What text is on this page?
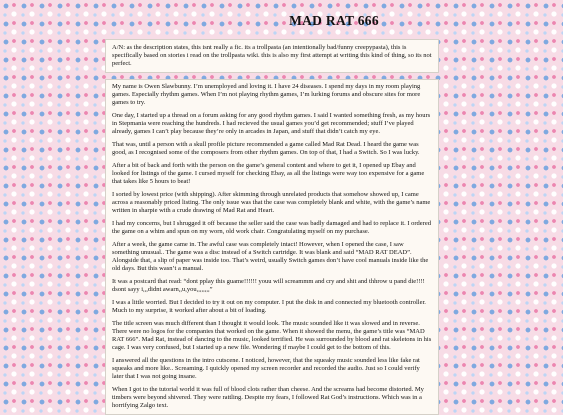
MAD RAT 666

A/N: as the description states, this isnt really a fic. its a trollpasta (an intentionally bad/funny creepypasta), this is specifically based on stories i read on the trollpasta wiki. this is also my first attempt at writing this kind of thing, so its not perfect.

My name is Owen Slawbunny. I’m unemployed and loving it. I have 24 diseases. I spend my days in my room playing games. Especially rhythm games. When I’m not playing rhythm games, I’m lurking forums and obscure sites for more games to try.

One day, I started up a thread on a forum asking for any good rhythm games. I said I wanted something fresh, as my hours in Stepmania were reaching the hundreds. I had recieved the usual games you’d get recommended; stuff I’ve played already, games I can’t play because they’re only in arcades in Japan, and stuff that didn’t catch my eye.

That was, until a person with a skull profile picture recommended a game called Mad Rat Dead. I heard the game was good, as I recognised some of the composers from other rhythm games. On top of that, I had a Switch. So I was lucky.

After a bit of back and forth with the person on the game’s general content and where to get it, I opened up Ebay and looked for listings of the game. I cursed myself for checking Ebay, as all the listings were way too expensive for a game that takes like 5 hours to beat!

I sorted by lowest price (with shipping). After skimming through unrelated products that somehow showed up, I came across a reasonably priced listing. The only issue was that the case was completely blank and white, with the game’s name written in sharpie with a crude drawing of Mad Rat and Heart.

I had my concerns, but I shrugged it off because the seller said the case was badly damaged and had to replace it. I ordered the game on a whim and spun on my worn, old work chair. Congratulating myself on my purchase.

After a week, the game came in. The awful case was completely intact! However, when I opened the case, I saw something unusual.. The game was a disc instead of a Switch cartridge. It was blank and said “MAD RAT DEAD”. Alongside that, a slip of paper was inside too. That’s weird, usually Switch games don’t have cool manuals inside like the old days. But this wasn’t a manual.

It was a postcard that read: “dont pplay this guame!!!!!! youu will screammm and cry and shit and thhrow u pand die!!!! dsont sayy i,,,didnt awarn,,u,you,,,,,,,,”

I was a little worried. But I decided to try it out on my computer. I put the disk in and connected my bluetooth controller. Much to my surprise, it worked after about a bit of loading.

The title screen was much different than I thought it would look. The music sounded like it was slowed and in reverse. There were no logos for the companies that worked on the game. When it showed the menu, the game’s title was “MAD RAT 666”. Mad Rat, instead of dancing to the music, looked terrified. He was surrounded by blood and rat skeletons in his cage. I was very confused, but I started up a new file. Wondering if maybe I could get to the bottom of this.

I answered all the questions in the intro cutscene. I noticed, however, that the squeaky music sounded less like fake rat squeaks and more like.. Screaming. I quickly opened my screen recorder and recorded the audio. Just so I could verify later that I was not going insane.

When I got to the tutorial world it was full of blood clots rather than cheese. And the screams had become distorted. My timbers were beyond shivered. They were rattling. Despite my fears, I followed Rat God’s instructions. Which was in a horrifying Zalgo text.
